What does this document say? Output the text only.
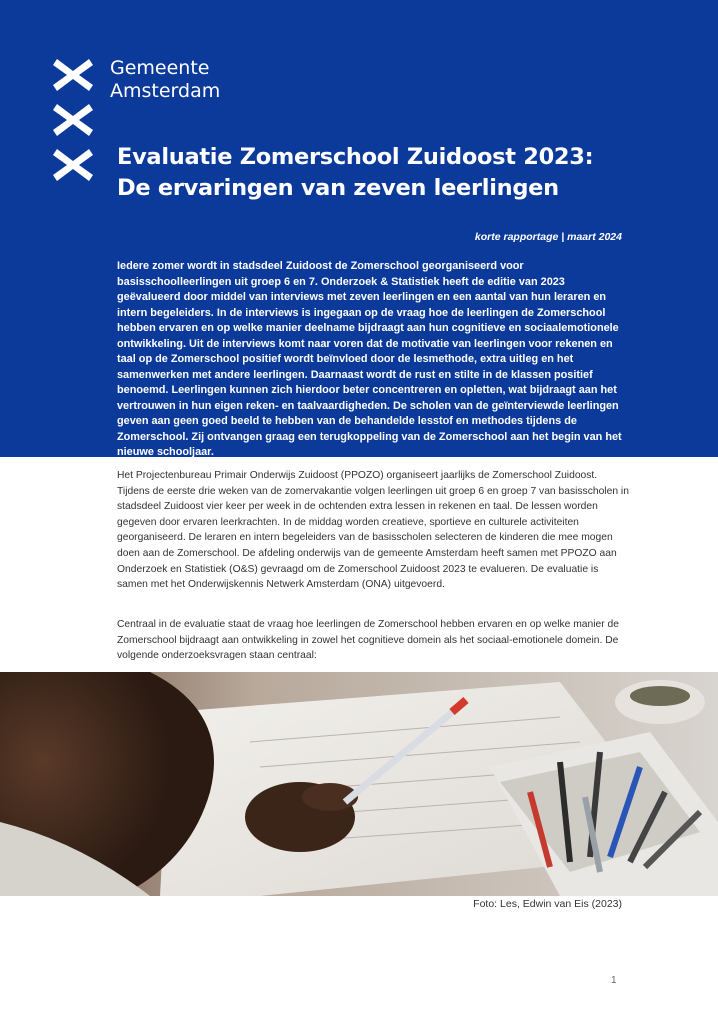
Gemeente
Amsterdam
Evaluatie Zomerschool Zuidoost 2023:
De ervaringen van zeven leerlingen
korte rapportage | maart 2024

Iedere zomer wordt in stadsdeel Zuidoost de Zomerschool georganiseerd voor basisschoolleerlingen uit groep 6 en 7. Onderzoek & Statistiek heeft de editie van 2023 geëvalueerd door middel van interviews met zeven leerlingen en een aantal van hun leraren en intern begeleiders. In de interviews is ingegaan op de vraag hoe de leerlingen de Zomerschool hebben ervaren en op welke manier deelname bijdraagt aan hun cognitieve en sociaalemotionele ontwikkeling. Uit de interviews komt naar voren dat de motivatie van leerlingen voor rekenen en taal op de Zomerschool positief wordt beïnvloed door de lesmethode, extra uitleg en het samenwerken met andere leerlingen. Daarnaast wordt de rust en stilte in de klassen positief benoemd. Leerlingen kunnen zich hierdoor beter concentreren en opletten, wat bijdraagt aan het vertrouwen in hun eigen reken- en taalvaardigheden. De scholen van de geïnterviewde leerlingen geven aan geen goed beeld te hebben van de behandelde lesstof en methodes tijdens de Zomerschool. Zij ontvangen graag een terugkoppeling van de Zomerschool aan het begin van het nieuwe schooljaar.

Het Projectenbureau Primair Onderwijs Zuidoost (PPOZO) organiseert jaarlijks de Zomerschool Zuidoost. Tijdens de eerste drie weken van de zomervakantie volgen leerlingen uit groep 6 en groep 7 van basisscholen in stadsdeel Zuidoost vier keer per week in de ochtenden extra lessen in rekenen en taal. De lessen worden gegeven door ervaren leerkrachten. In de middag worden creatieve, sportieve en culturele activiteiten georganiseerd. De leraren en intern begeleiders van de basisscholen selecteren de kinderen die mee mogen doen aan de Zomerschool. De afdeling onderwijs van de gemeente Amsterdam heeft samen met PPOZO aan Onderzoek en Statistiek (O&S) gevraagd om de Zomerschool Zuidoost 2023 te evalueren. De evaluatie is samen met het Onderwijskennis Netwerk Amsterdam (ONA) uitgevoerd.

Centraal in de evaluatie staat de vraag hoe leerlingen de Zomerschool hebben ervaren en op welke manier de Zomerschool bijdraagt aan ontwikkeling in zowel het cognitieve domein als het sociaal-emotionele domein. De volgende onderzoeksvragen staan centraal:

Foto: Les, Edwin van Eis (2023)
1
